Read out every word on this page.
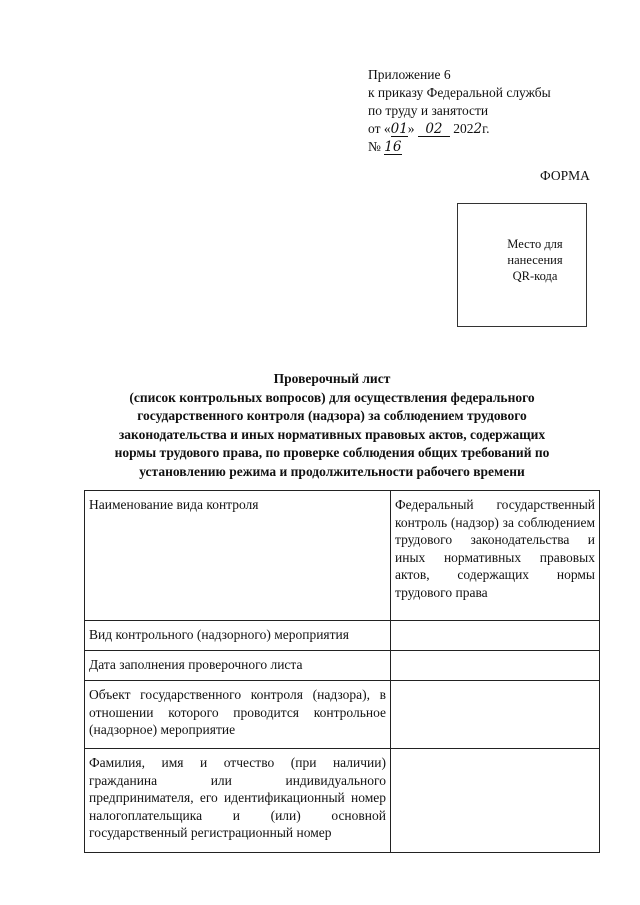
Приложение 6
к приказу Федеральной службы
по труду и занятости
от «01» 02 2022г.
№ 16
ФОРМА
Место для
нанесения
QR-кода
Проверочный лист
(список контрольных вопросов) для осуществления федерального
государственного контроля (надзора) за соблюдением трудового
законодательства и иных нормативных правовых актов, содержащих
нормы трудового права, по проверке соблюдения общих требований по
установлению режима и продолжительности рабочего времени
Наименование вида контроля	Федеральный государственный контроль (надзор) за соблюдением трудового законодательства и иных нормативных правовых актов, содержащих нормы трудового права
Вид контрольного (надзорного) мероприятия	
Дата заполнения проверочного листа	
Объект государственного контроля (надзора), в отношении которого проводится контрольное (надзорное) мероприятие	
Фамилия, имя и отчество (при наличии) гражданина или индивидуального предпринимателя, его идентификационный номер налогоплательщика и (или) основной государственный регистрационный номер	
